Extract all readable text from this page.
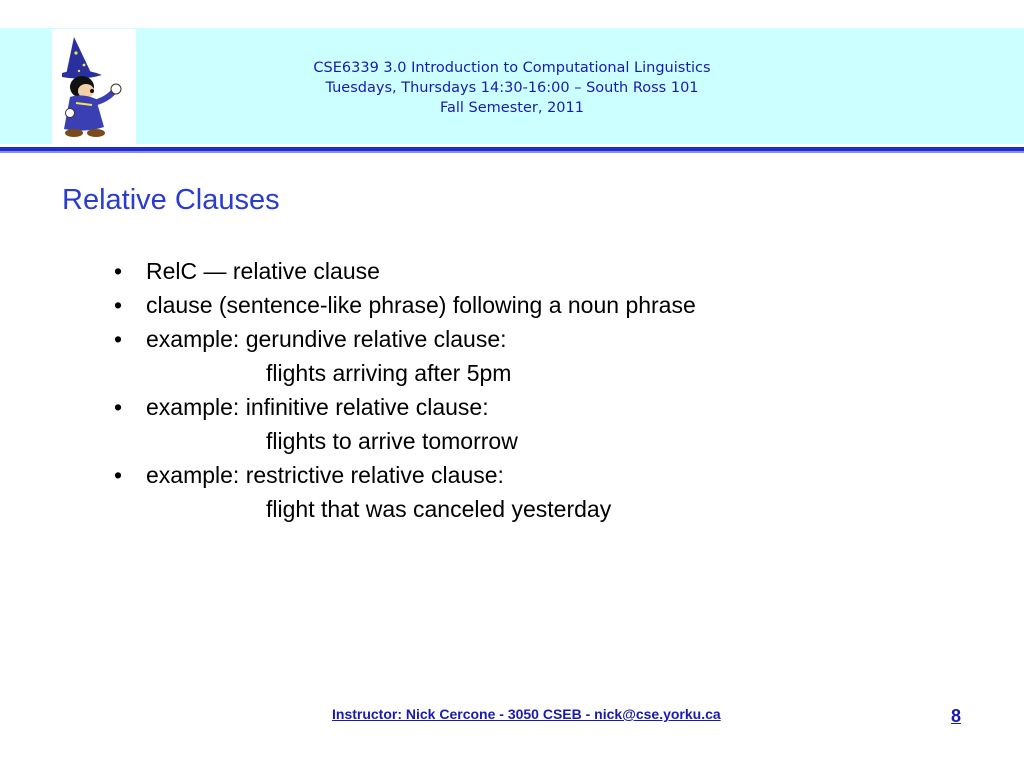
CSE6339 3.0 Introduction to Computational Linguistics
Tuesdays, Thursdays 14:30-16:00 – South Ross 101
Fall Semester, 2011
Relative Clauses
• RelC — relative clause
• clause (sentence-like phrase) following a noun phrase
• example: gerundive relative clause:
flights arriving after 5pm
• example: infinitive relative clause:
flights to arrive tomorrow
• example: restrictive relative clause:
flight that was canceled yesterday
Instructor: Nick Cercone - 3050 CSEB - nick@cse.yorku.ca	8
